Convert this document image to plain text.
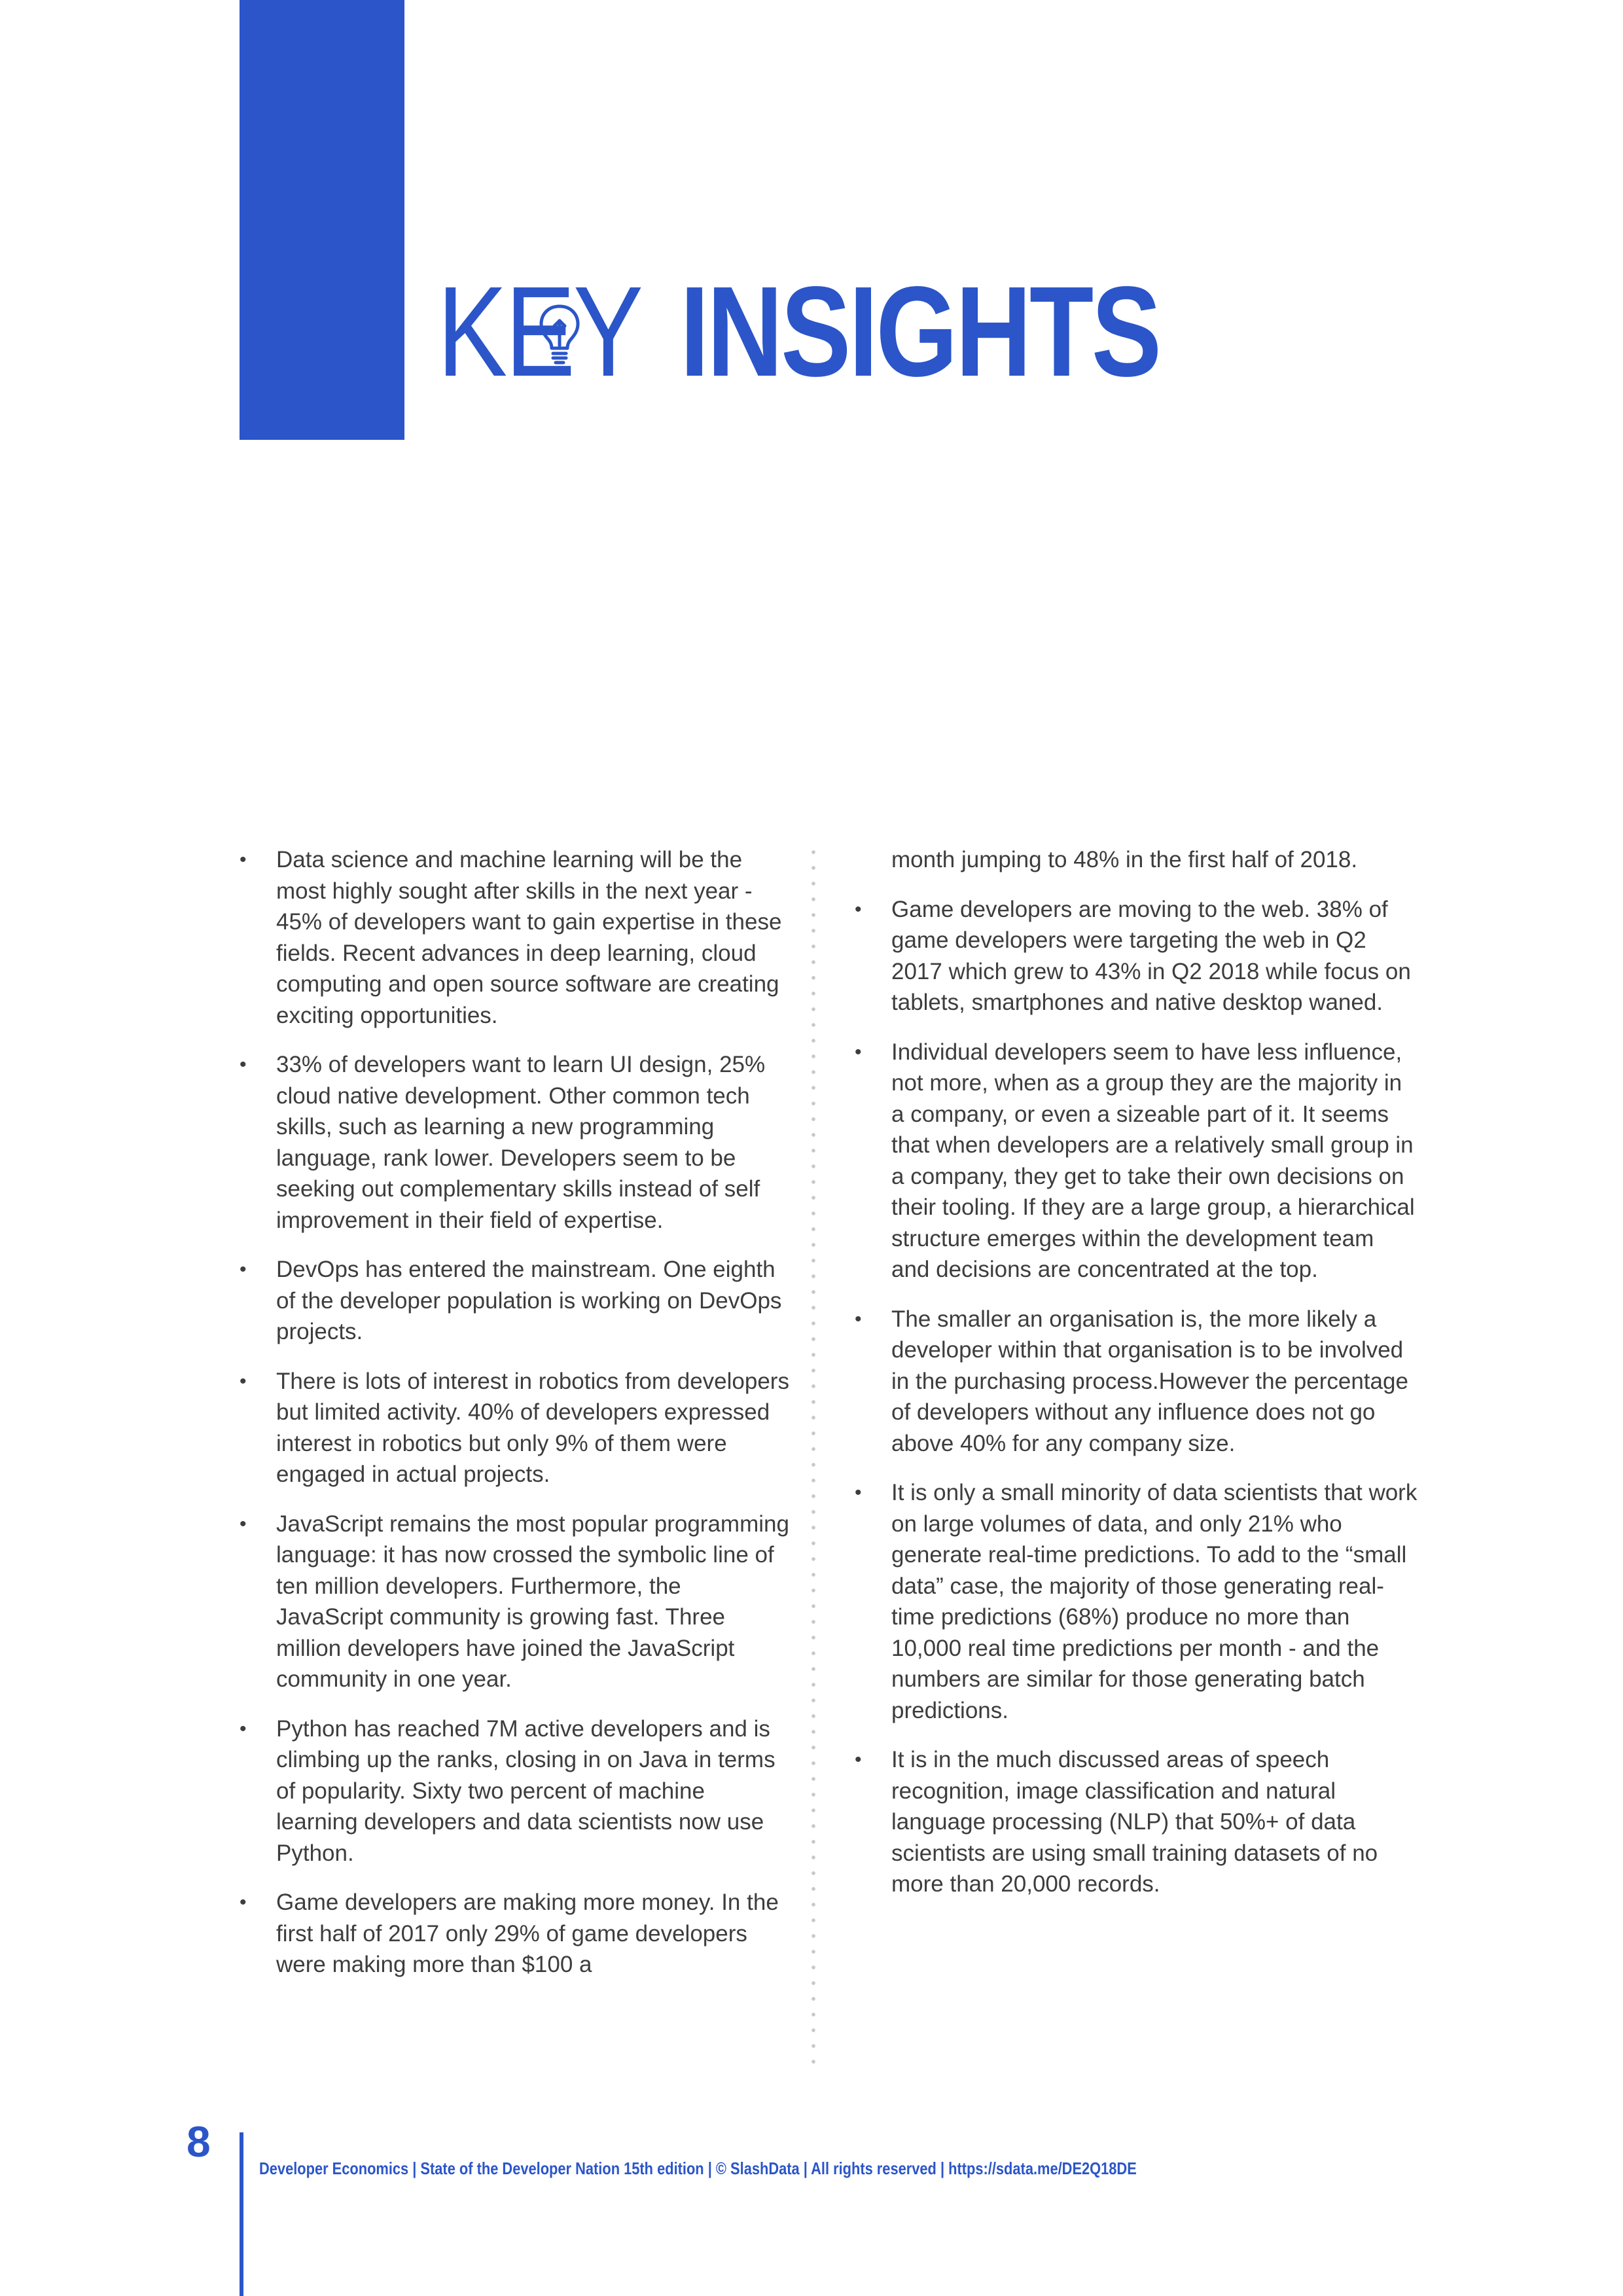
KEY INSIGHTS
•	Data science and machine learning will be the most highly sought after skills in the next year - 45% of developers want to gain expertise in these fields. Recent advances in deep learning, cloud computing and open source software are creating exciting opportunities.
•	33% of developers want to learn UI design, 25% cloud native development. Other common tech skills, such as learning a new programming language, rank lower. Developers seem to be seeking out complementary skills instead of self improvement in their field of expertise.
•	DevOps has entered the mainstream. One eighth of the developer population is working on DevOps projects.
•	There is lots of interest in robotics from developers but limited activity. 40% of developers expressed interest in robotics but only 9% of them were engaged in actual projects.
•	JavaScript remains the most popular programming language: it has now crossed the symbolic line of ten million developers. Furthermore, the JavaScript community is growing fast. Three million developers have joined the JavaScript community in one year.
•	Python has reached 7M active developers and is climbing up the ranks, closing in on Java in terms of popularity. Sixty two percent of machine learning developers and data scientists now use Python.
•	Game developers are making more money. In the first half of 2017 only 29% of game developers were making more than $100 a
month jumping to 48% in the first half of 2018.
•	Game developers are moving to the web. 38% of game developers were targeting the web in Q2 2017 which grew to 43% in Q2 2018 while focus on tablets, smartphones and native desktop waned.
•	Individual developers seem to have less influence, not more, when as a group they are the majority in a company, or even a sizeable part of it. It seems that when developers are a relatively small group in a company, they get to take their own decisions on their tooling. If they are a large group, a hierarchical structure emerges within the development team and decisions are concentrated at the top.
•	The smaller an organisation is, the more likely a developer within that organisation is to be involved in the purchasing process.However the percentage of developers without any influence does not go above 40% for any company size.
•	It is only a small minority of data scientists that work on large volumes of data, and only 21% who generate real-time predictions. To add to the “small data” case, the majority of those generating real-time predictions (68%) produce no more than 10,000 real time predictions per month - and the numbers are similar for those generating batch predictions.
•	It is in the much discussed areas of speech recognition, image classification and natural language processing (NLP) that 50%+ of data scientists are using small training datasets of no more than 20,000 records.
8
Developer Economics | State of the Developer Nation 15th edition | © SlashData | All rights reserved | https://sdata.me/DE2Q18DE
